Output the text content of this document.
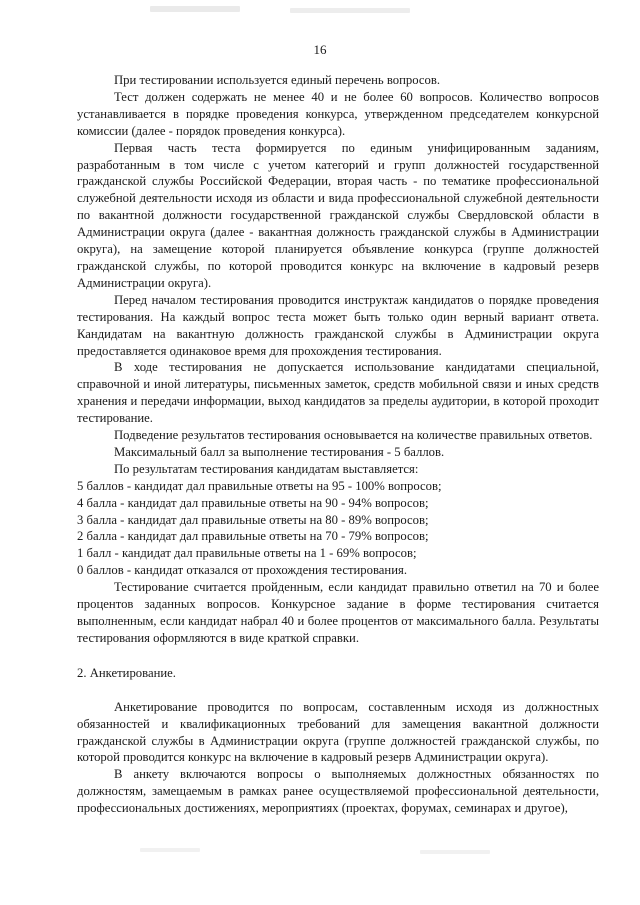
16

При тестировании используется единый перечень вопросов.

Тест должен содержать не менее 40 и не более 60 вопросов. Количество вопросов устанавливается в порядке проведения конкурса, утвержденном председателем конкурсной комиссии (далее - порядок проведения конкурса).

Первая часть теста формируется по единым унифицированным заданиям, разработанным в том числе с учетом категорий и групп должностей государственной гражданской службы Российской Федерации, вторая часть - по тематике профессиональной служебной деятельности исходя из области и вида профессиональной служебной деятельности по вакантной должности государственной гражданской службы Свердловской области в Администрации округа (далее - вакантная должность гражданской службы в Администрации округа), на замещение которой планируется объявление конкурса (группе должностей гражданской службы, по которой проводится конкурс на включение в кадровый резерв Администрации округа).

Перед началом тестирования проводится инструктаж кандидатов о порядке проведения тестирования. На каждый вопрос теста может быть только один верный вариант ответа. Кандидатам на вакантную должность гражданской службы в Администрации округа предоставляется одинаковое время для прохождения тестирования.

В ходе тестирования не допускается использование кандидатами специальной, справочной и иной литературы, письменных заметок, средств мобильной связи и иных средств хранения и передачи информации, выход кандидатов за пределы аудитории, в которой проходит тестирование.

Подведение результатов тестирования основывается на количестве правильных ответов.

Максимальный балл за выполнение тестирования - 5 баллов.

По результатам тестирования кандидатам выставляется:

5 баллов - кандидат дал правильные ответы на 95 - 100% вопросов;
4 балла - кандидат дал правильные ответы на 90 - 94% вопросов;
3 балла - кандидат дал правильные ответы на 80 - 89% вопросов;
2 балла - кандидат дал правильные ответы на 70 - 79% вопросов;
1 балл - кандидат дал правильные ответы на 1 - 69% вопросов;
0 баллов - кандидат отказался от прохождения тестирования.

Тестирование считается пройденным, если кандидат правильно ответил на 70 и более процентов заданных вопросов. Конкурсное задание в форме тестирования считается выполненным, если кандидат набрал 40 и более процентов от максимального балла. Результаты тестирования оформляются в виде краткой справки.

2. Анкетирование.

Анкетирование проводится по вопросам, составленным исходя из должностных обязанностей и квалификационных требований для замещения вакантной должности гражданской службы в Администрации округа (группе должностей гражданской службы, по которой проводится конкурс на включение в кадровый резерв Администрации округа).

В анкету включаются вопросы о выполняемых должностных обязанностях по должностям, замещаемым в рамках ранее осуществляемой профессиональной деятельности, профессиональных достижениях, мероприятиях (проектах, форумах, семинарах и другое),
